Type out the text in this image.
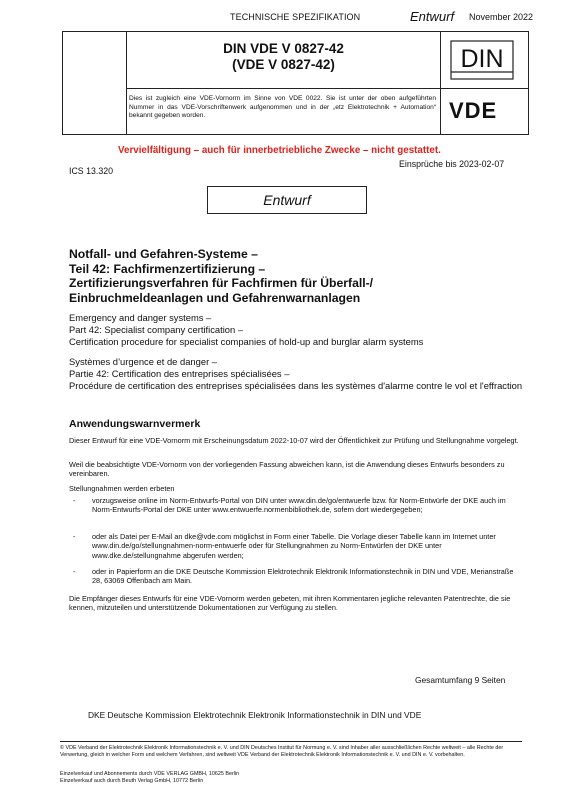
TECHNISCHE SPEZIFIKATION	Entwurf November 2022
DIN VDE V 0827-42
(VDE V 0827-42)	DIN
Dies ist zugleich eine VDE-Vornorm im Sinne von VDE 0022. Sie ist unter der oben aufgeführten Nummer in das VDE-Vorschriftenwerk aufgenommen und in der „etz Elektrotechnik + Automation“ bekannt gegeben worden.	VDE
Vervielfältigung – auch für innerbetriebliche Zwecke – nicht gestattet.
Einsprüche bis 2023-02-07
ICS 13.320
Entwurf
Notfall- und Gefahren-Systeme –
Teil 42: Fachfirmenzertifizierung –
Zertifizierungsverfahren für Fachfirmen für Überfall-/
Einbruchmeldeanlagen und Gefahrenwarnanlagen
Emergency and danger systems –
Part 42: Specialist company certification –
Certification procedure for specialist companies of hold-up and burglar alarm systems
Systèmes d’urgence et de danger –
Partie 42: Certification des entreprises spécialisées –
Procédure de certification des entreprises spécialisées dans les systèmes d'alarme contre le vol et l'effraction
Anwendungswarnvermerk
Dieser Entwurf für eine VDE-Vornorm mit Erscheinungsdatum 2022-10-07 wird der Öffentlichkeit zur Prüfung und Stellungnahme vorgelegt.
Weil die beabsichtigte VDE-Vornorm von der vorliegenden Fassung abweichen kann, ist die Anwendung dieses Entwurfs besonders zu vereinbaren.
Stellungnahmen werden erbeten
- vorzugsweise online im Norm-Entwurfs-Portal von DIN unter www.din.de/go/entwuerfe bzw. für Norm-Entwürfe der DKE auch im Norm-Entwurfs-Portal der DKE unter www.entwuerfe.normenbibliothek.de, sofern dort wiedergegeben;
- oder als Datei per E-Mail an dke@vde.com möglichst in Form einer Tabelle. Die Vorlage dieser Tabelle kann im Internet unter www.din.de/go/stellungnahmen-norm-entwuerfe oder für Stellungnahmen zu Norm-Entwürfen der DKE unter www.dke.de/stellungnahme abgerufen werden;
- oder in Papierform an die DKE Deutsche Kommission Elektrotechnik Elektronik Informationstechnik in DIN und VDE, Merianstraße 28, 63069 Offenbach am Main.
Die Empfänger dieses Entwurfs für eine VDE-Vornorm werden gebeten, mit ihren Kommentaren jegliche relevanten Patentrechte, die sie kennen, mitzuteilen und unterstützende Dokumentationen zur Verfügung zu stellen.
Gesamtumfang 9 Seiten
DKE Deutsche Kommission Elektrotechnik Elektronik Informationstechnik in DIN und VDE
© VDE Verband der Elektrotechnik Elektronik Informationstechnik e. V. und DIN Deutsches Institut für Normung e. V. sind Inhaber aller ausschließlichen Rechte weltweit – alle Rechte der Verwertung, gleich in welcher Form und welchem Verfahren, sind weltweit VDE Verband der Elektrotechnik Elektronik Informationstechnik e. V. und DIN e. V. vorbehalten.
Einzelverkauf und Abonnements durch VDE VERLAG GMBH, 10625 Berlin
Einzelverkauf auch durch Beuth Verlag GmbH, 10772 Berlin
